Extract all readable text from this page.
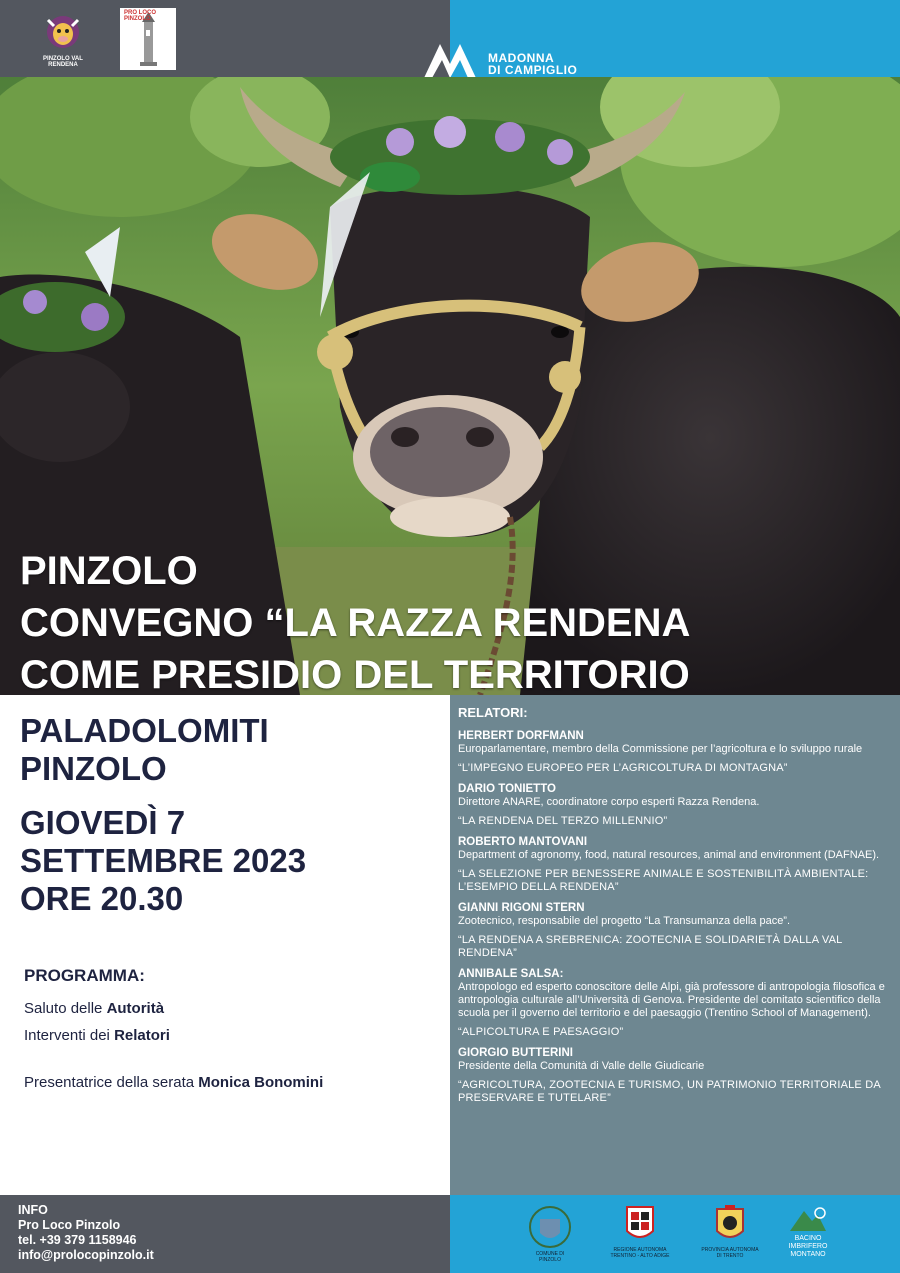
PINZOLO VAL RENDENA
PRO LOCO PINZOLO
MADONNA
DI CAMPIGLIO
PINZOLO
CONVEGNO “LA RAZZA RENDENA
COME PRESIDIO DEL TERRITORIO
PALADOLOMITI
PINZOLO
GIOVEDÌ 7
SETTEMBRE 2023
ORE 20.30
PROGRAMMA:
Saluto delle Autorità
Interventi dei Relatori
Presentatrice della serata Monica Bonomini
RELATORI:
HERBERT DORFMANN
Europarlamentare, membro della Commissione per l’agricoltura e lo sviluppo rurale
“L’IMPEGNO EUROPEO PER L’AGRICOLTURA DI MONTAGNA”
DARIO TONIETTO
Direttore ANARE, coordinatore corpo esperti Razza Rendena.
“LA RENDENA DEL TERZO MILLENNIO”
ROBERTO MANTOVANI
Department of agronomy, food, natural resources, animal and environment (DAFNAE).
“LA SELEZIONE PER BENESSERE ANIMALE E SOSTENIBILITÀ AMBIENTALE: L’ESEMPIO DELLA RENDENA”
GIANNI RIGONI STERN
Zootecnico, responsabile del progetto “La Transumanza della pace”.
“LA RENDENA A SREBRENICA: ZOOTECNIA E SOLIDARIETÀ DALLA VAL RENDENA”
ANNIBALE SALSA:
Antropologo ed esperto conoscitore delle Alpi, già professore di antropologia filosofica e antropologia culturale all’Università di Genova. Presidente del comitato scientifico della scuola per il governo del territorio e del paesaggio (Trentino School of Management).
“ALPICOLTURA E PAESAGGIO”
GIORGIO BUTTERINI
Presidente della Comunità di Valle delle Giudicarie
“AGRICOLTURA, ZOOTECNIA E TURISMO, UN PATRIMONIO TERRITORIALE DA PRESERVARE E TUTELARE”
INFO
Pro Loco Pinzolo
tel. +39 379 1158946
info@prolocopinzolo.it	COMUNE DI PINZOLO
REGIONE AUTONOMA TRENTINO - ALTO ADIGE
PROVINCIA AUTONOMA DI TRENTO
BACINO IMBRIFERO MONTANO
